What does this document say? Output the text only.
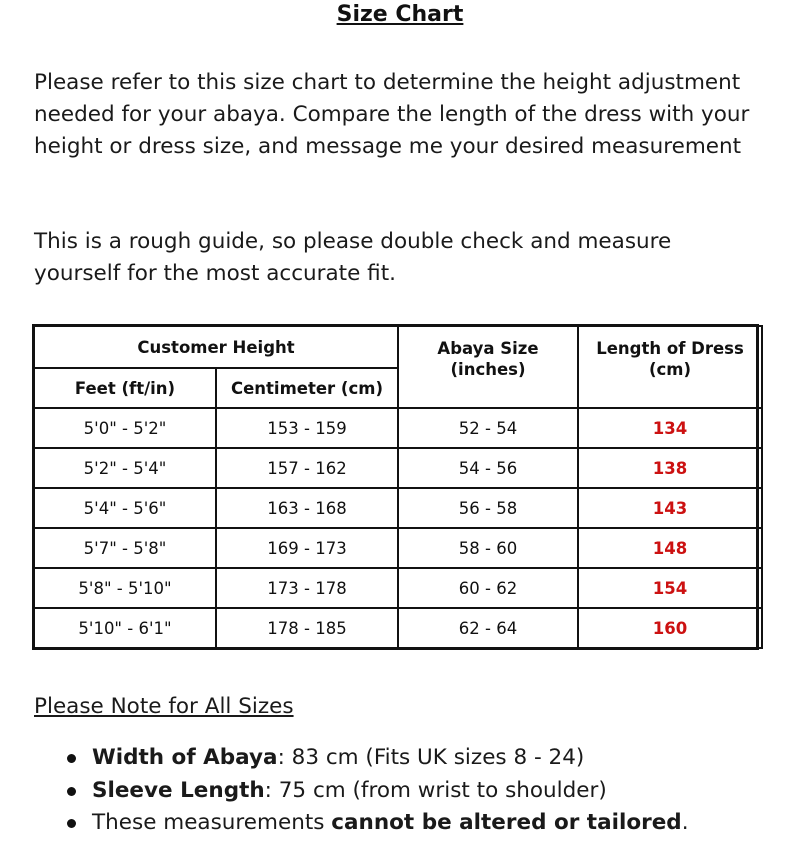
Size Chart

Please refer to this size chart to determine the height adjustment needed for your abaya. Compare the length of the dress with your height or dress size, and message me your desired measurement

This is a rough guide, so please double check and measure yourself for the most accurate fit.

Customer Height		Abaya Size (inches)	Length of Dress (cm)
Feet (ft/in)	Centimeter (cm)		
5'0" - 5'2"	153 - 159	52 - 54	134
5'2" - 5'4"	157 - 162	54 - 56	138
5'4" - 5'6"	163 - 168	56 - 58	143
5'7" - 5'8"	169 - 173	58 - 60	148
5'8" - 5'10"	173 - 178	60 - 62	154
5'10" - 6'1"	178 - 185	62 - 64	160

Please Note for All Sizes

Width of Abaya: 83 cm (Fits UK sizes 8 - 24)
Sleeve Length: 75 cm (from wrist to shoulder)
These measurements cannot be altered or tailored.
